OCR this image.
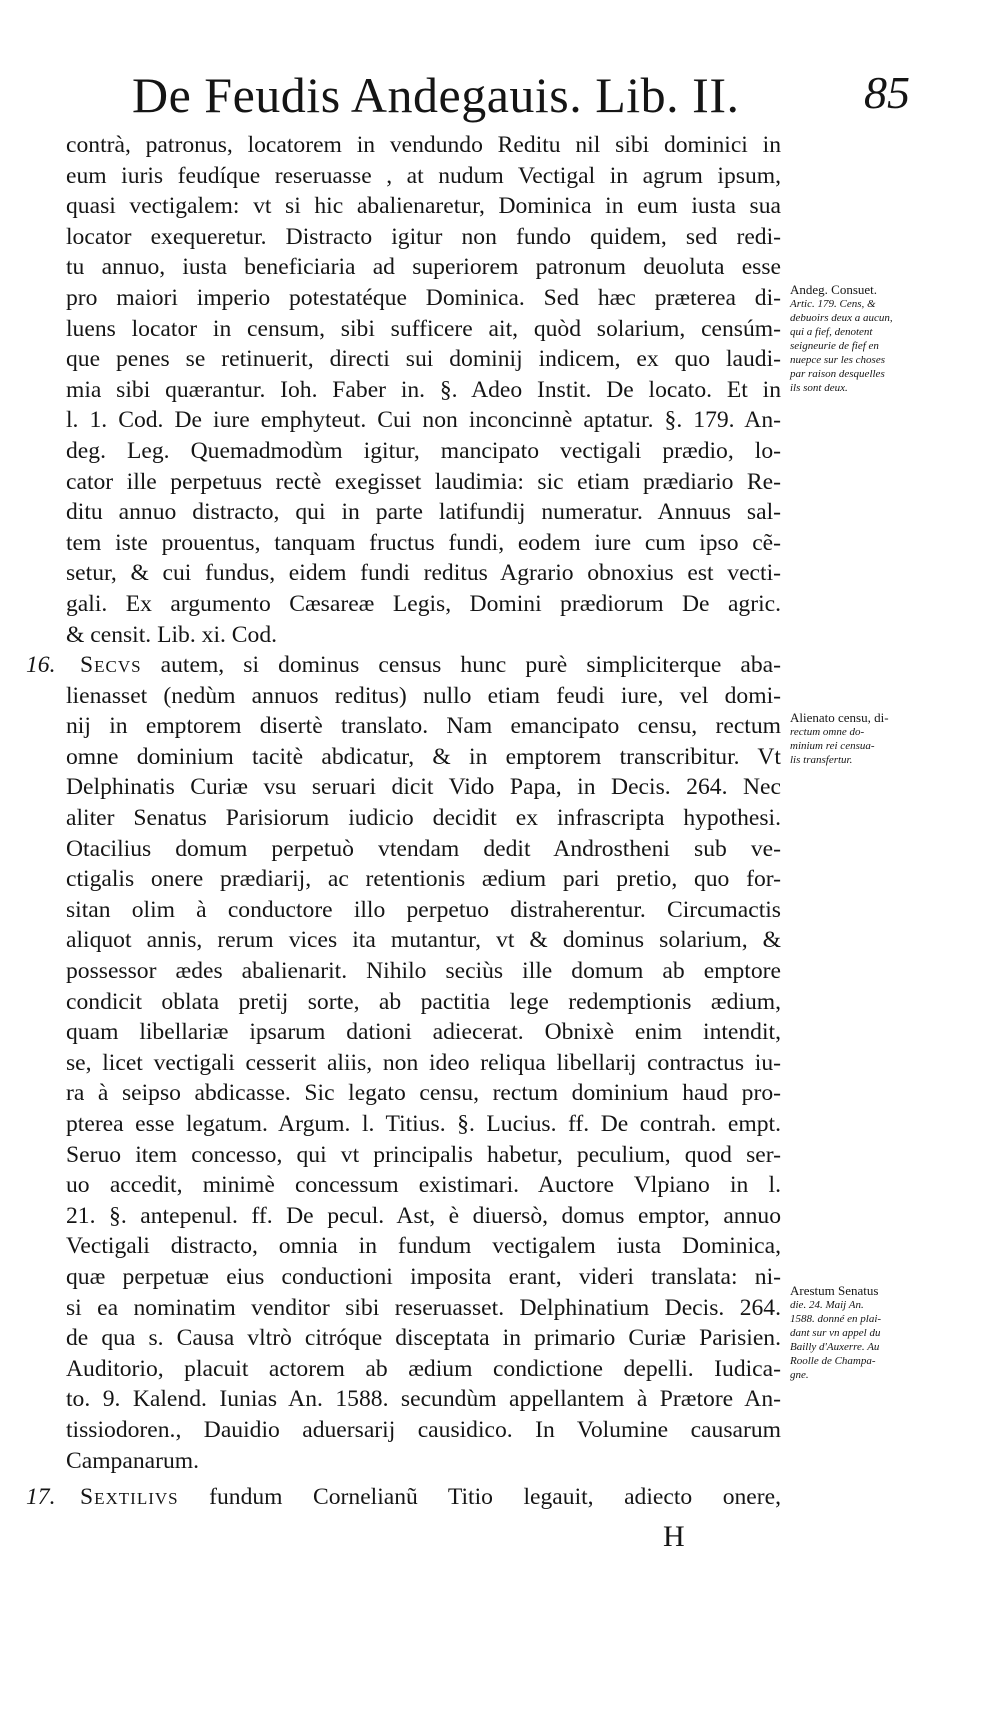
De Feudis Andegauis. Lib. II.	85
contrà, patronus, locatorem in vendundo Reditu nil sibi dominici in
eum iuris feudíque reseruasse , at nudum Vectigal in agrum ipsum,
quasi vectigalem: vt si hic abalienaretur, Dominica in eum iusta sua
locator exequeretur. Distracto igitur non fundo quidem, sed redi-
tu annuo, iusta beneficiaria ad superiorem patronum deuoluta esse
pro maiori imperio potestatéque Dominica. Sed hæc præterea di-
luens locator in censum, sibi sufficere ait, quòd solarium, censúm-
que penes se retinuerit, directi sui dominij indicem, ex quo laudi-
mia sibi quærantur. Ioh. Faber in. §. Adeo Instit. De locato. Et in
l. 1. Cod. De iure emphyteut. Cui non inconcinnè aptatur. §. 179. An-
deg. Leg. Quemadmodùm igitur, mancipato vectigali prædio, lo-
cator ille perpetuus rectè exegisset laudimia: sic etiam prædiario Re-
ditu annuo distracto, qui in parte latifundij numeratur. Annuus sal-
tem iste prouentus, tanquam fructus fundi, eodem iure cum ipso cẽ-
setur, & cui fundus, eidem fundi reditus Agrario obnoxius est vecti-
gali. Ex argumento Cæsareæ Legis, Domini prædiorum De agric.
& censit. Lib. xi. Cod.
16. Secvs autem, si dominus census hunc purè simpliciterque aba-
lienasset (nedùm annuos reditus) nullo etiam feudi iure, vel domi-
nij in emptorem disertè translato. Nam emancipato censu, rectum
omne dominium tacitè abdicatur, & in emptorem transcribitur. Vt
Delphinatis Curiæ vsu seruari dicit Vido Papa, in Decis. 264. Nec
aliter Senatus Parisiorum iudicio decidit ex infrascripta hypothesi.
Otacilius domum perpetuò vtendam dedit Androstheni sub ve-
ctigalis onere prædiarij, ac retentionis ædium pari pretio, quo for-
sitan olim à conductore illo perpetuo distraherentur. Circumactis
aliquot annis, rerum vices ita mutantur, vt & dominus solarium, &
possessor ædes abalienarit. Nihilo seciùs ille domum ab emptore
condicit oblata pretij sorte, ab pactitia lege redemptionis ædium,
quam libellariæ ipsarum dationi adiecerat. Obnixè enim intendit,
se, licet vectigali cesserit aliis, non ideo reliqua libellarij contractus iu-
ra à seipso abdicasse. Sic legato censu, rectum dominium haud pro-
pterea esse legatum. Argum. l. Titius. §. Lucius. ff. De contrah. empt.
Seruo item concesso, qui vt principalis habetur, peculium, quod ser-
uo accedit, minimè concessum existimari. Auctore Vlpiano in l.
21. §. antepenul. ff. De pecul. Ast, è diuersò, domus emptor, annuo
Vectigali distracto, omnia in fundum vectigalem iusta Dominica,
quæ perpetuæ eius conductioni imposita erant, videri translata: ni-
si ea nominatim venditor sibi reseruasset. Delphinatium Decis. 264.
de qua s. Causa vltrò citróque disceptata in primario Curiæ Parisien.
Auditorio, placuit actorem ab ædium condictione depelli. Iudica-
to. 9. Kalend. Iunias An. 1588. secundùm appellantem à Prætore An-
tissiodoren., Dauidio aduersarij causidico. In Volumine causarum
Campanarum.
17. Sextilivs fundum Cornelianũ Titio legauit, adiecto onere,
Andeg. Consuet.
Artic. 179. Cens, &
debuoirs deux a aucun,
qui a fief, denotent
seigneurie de fief en
nuepce sur les choses
par raison desquelles
ils sont deux.
Alienato censu, di-
rectum omne do-
minium rei censua-
lis transfertur.
Arestum Senatus
die. 24. Maij An.
1588. donné en plai-
dant sur vn appel du
Bailly d'Auxerre. Au
Roolle de Champa-
gne.
H
